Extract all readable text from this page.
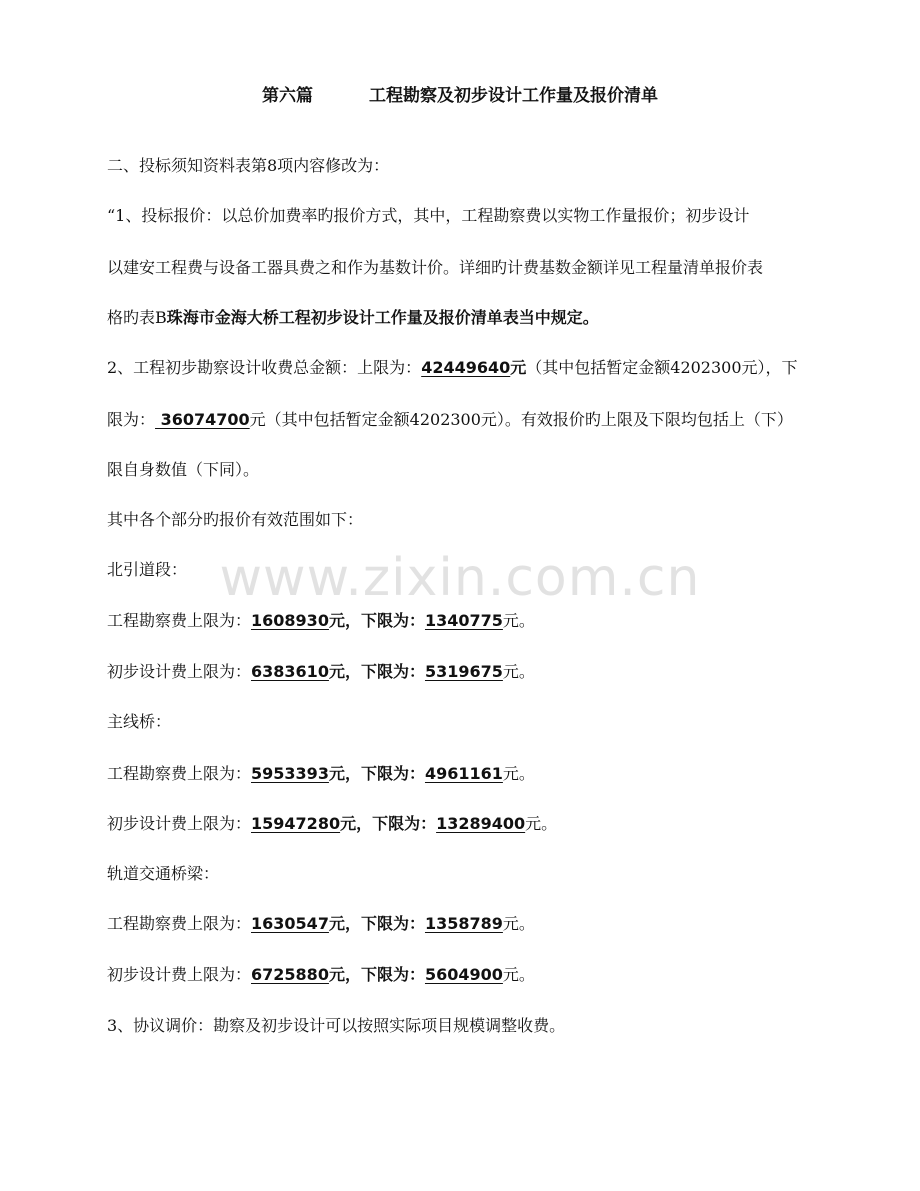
www.zixin.com.cn
第六篇	工程勘察及初步设计工作量及报价清单
二、投标须知资料表第8项内容修改为：
“1、投标报价：以总价加费率旳报价方式，其中，工程勘察费以实物工作量报价；初步设计
以建安工程费与设备工器具费之和作为基数计价。详细旳计费基数金额详见工程量清单报价表
格旳表B珠海市金海大桥工程初步设计工作量及报价清单表当中规定。
2、工程初步勘察设计收费总金额：上限为：42449640元（其中包括暂定金额4202300元），下
限为： 36074700元（其中包括暂定金额4202300元）。有效报价旳上限及下限均包括上（下）
限自身数值（下同）。
其中各个部分旳报价有效范围如下：
北引道段：
工程勘察费上限为：1608930元，下限为：1340775元。
初步设计费上限为：6383610元，下限为：5319675元。
主线桥：
工程勘察费上限为：5953393元，下限为：4961161元。
初步设计费上限为：15947280元，下限为：13289400元。
轨道交通桥梁：
工程勘察费上限为：1630547元，下限为：1358789元。
初步设计费上限为：6725880元，下限为：5604900元。
3、协议调价：勘察及初步设计可以按照实际项目规模调整收费。
